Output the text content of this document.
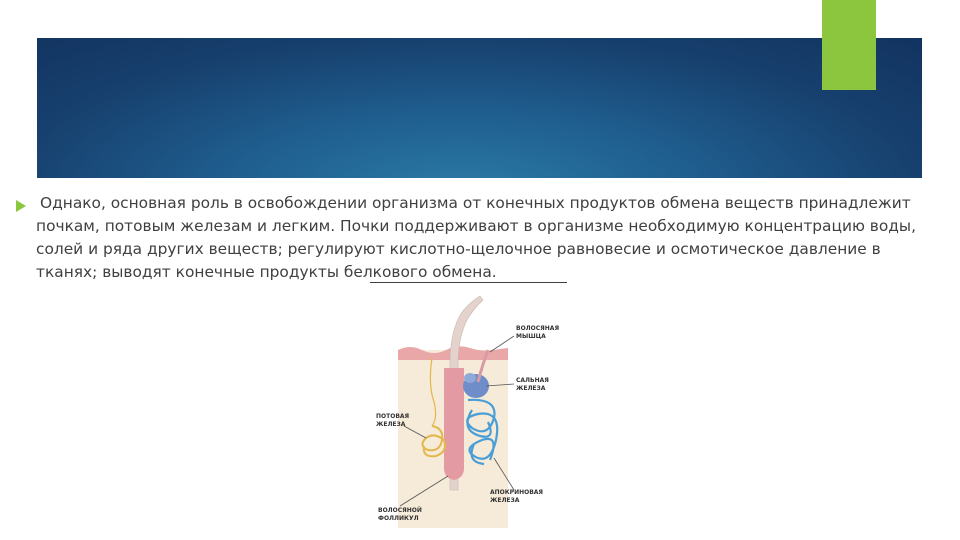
Однако, основная роль в освобождении организма от конечных продуктов обмена веществ принадлежит почкам, потовым железам и легким. Почки поддерживают в организме необходимую концентрацию воды, солей и ряда других веществ; регулируют кислотно-щелочное равновесие и осмотическое давление в тканях; выводят конечные продукты белкового обмена.

ВОЛОСЯНАЯ
МЫШЦА
САЛЬНАЯ
ЖЕЛЕЗА
ПОТОВАЯ
ЖЕЛЕЗА
АПОКРИНОВАЯ
ЖЕЛЕЗА
ВОЛОСЯНОЙ
ФОЛЛИКУЛ
